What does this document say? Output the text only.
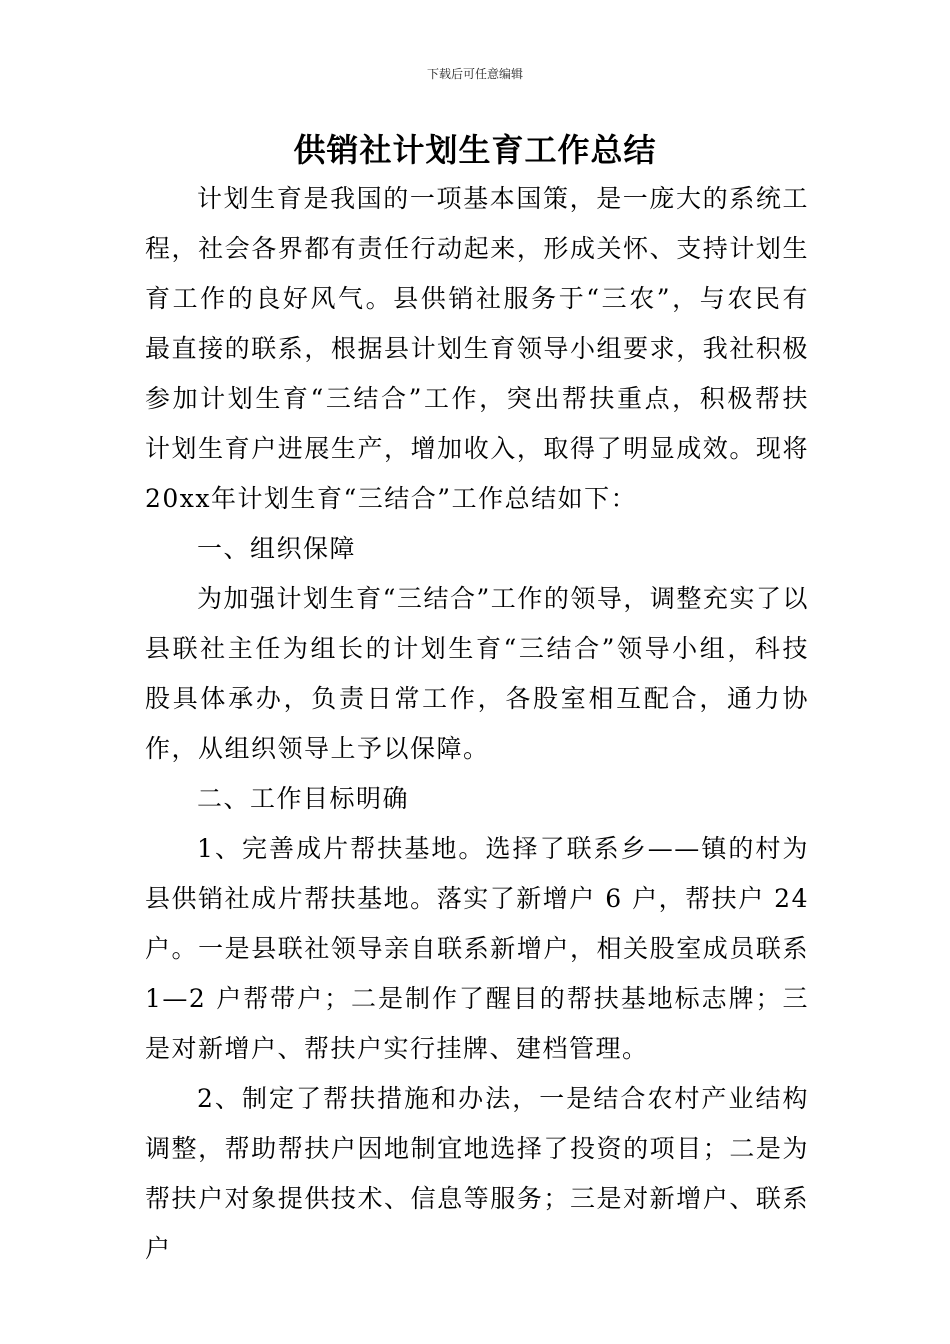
下载后可任意编辑
供销社计划生育工作总结

计划生育是我国的一项基本国策，是一庞大的系统工程，社会各界都有责任行动起来，形成关怀、支持计划生育工作的良好风气。县供销社服务于“三农”，与农民有最直接的联系，根据县计划生育领导小组要求，我社积极参加计划生育“三结合”工作，突出帮扶重点，积极帮扶计划生育户进展生产，增加收入，取得了明显成效。现将20xx年计划生育“三结合”工作总结如下：

一、组织保障

为加强计划生育“三结合”工作的领导，调整充实了以县联社主任为组长的计划生育“三结合”领导小组，科技股具体承办，负责日常工作，各股室相互配合，通力协作，从组织领导上予以保障。

二、工作目标明确

1、完善成片帮扶基地。选择了联系乡——镇的村为县供销社成片帮扶基地。落实了新增户 6 户，帮扶户 24 户。一是县联社领导亲自联系新增户，相关股室成员联系 1—2 户帮带户；二是制作了醒目的帮扶基地标志牌；三是对新增户、帮扶户实行挂牌、建档管理。

2、制定了帮扶措施和办法，一是结合农村产业结构调整，帮助帮扶户因地制宜地选择了投资的项目；二是为帮扶户对象提供技术、信息等服务；三是对新增户、联系户
